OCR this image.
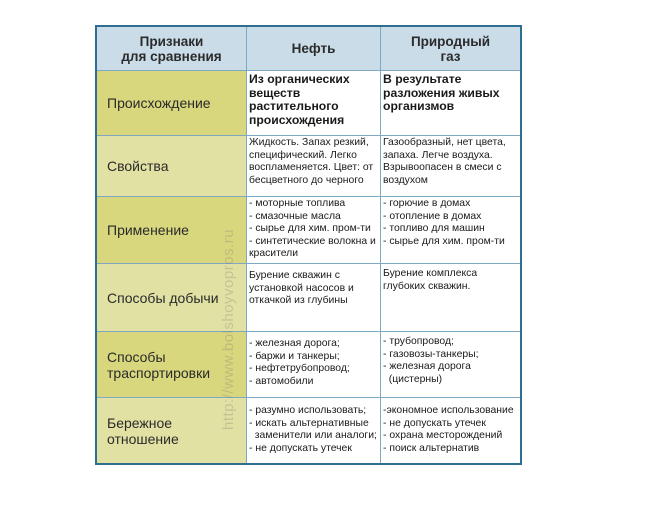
Признаки
для сравнения	Нефть	Природный
газ
Происхождение
Из органических
веществ
растительного
происхождения
В результате
разложения живых
организмов
Свойства
Жидкость. Запах резкий,
специфический. Легко
воспламеняется. Цвет: от
бесцветного до черного
Газообразный, нет цвета,
запаха. Легче воздуха.
Взрывоопасен в смеси с
воздухом
Применение
- моторные топлива
- смазочные масла
- сырье для хим. пром-ти
- синтетические волокна и
красители
- горючие в домах
- отопление в домах
- топливо для машин
- сырье для хим. пром-ти
Способы добычи
Бурение скважин с
установкой насосов и
откачкой из глубины
Бурение комплекса
глубоких скважин.
Способы
траспортировки
- железная дорога;
- баржи и танкеры;
- нефтетрубопровод;
- автомобили
- трубопровод;
- газовозы-танкеры;
- железная дорога
(цистерны)
Бережное
отношение
- разумно использовать;
- искать альтернативные
заменители или аналоги;
- не допускать утечек
-экономное использование
- не допускать утечек
- охрана месторождений
- поиск альтернатив
http://www.bolshoyvopros.ru
